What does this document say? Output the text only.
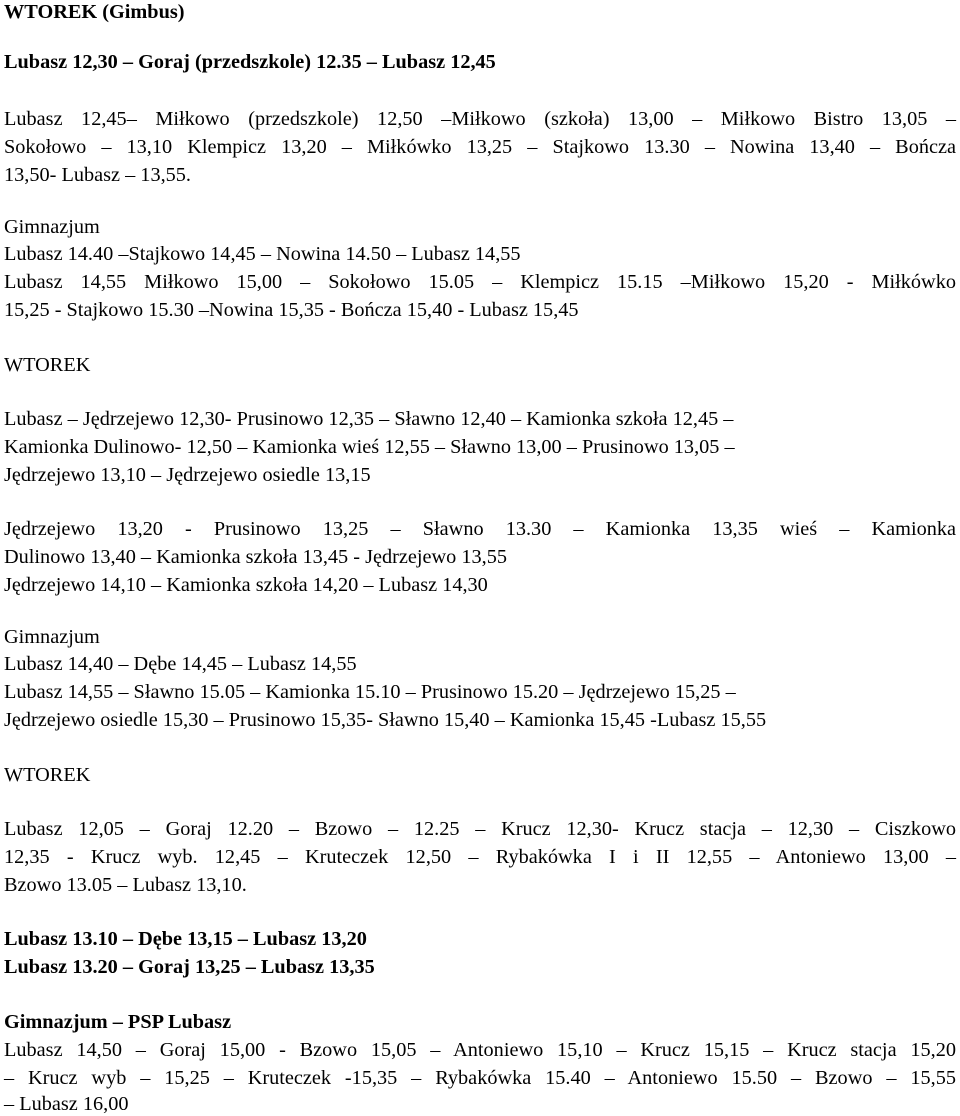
WTOREK (Gimbus)

Lubasz 12,30 – Goraj (przedszkole) 12.35 – Lubasz 12,45

Lubasz 12,45– Miłkowo (przedszkole) 12,50 –Miłkowo (szkoła) 13,00 – Miłkowo Bistro 13,05 –

Sokołowo – 13,10 Klempicz 13,20 – Miłkówko 13,25 – Stajkowo 13.30 – Nowina 13,40 – Bończa

13,50- Lubasz – 13,55.

Gimnazjum

Lubasz 14.40 –Stajkowo 14,45 – Nowina 14.50 – Lubasz 14,55

Lubasz 14,55 Miłkowo 15,00 – Sokołowo 15.05 – Klempicz 15.15 –Miłkowo 15,20 - Miłkówko

15,25 - Stajkowo 15.30 –Nowina 15,35 - Bończa 15,40 - Lubasz 15,45

WTOREK

Lubasz – Jędrzejewo 12,30- Prusinowo 12,35 – Sławno 12,40 – Kamionka szkoła 12,45 –

Kamionka Dulinowo- 12,50 – Kamionka wieś 12,55 – Sławno 13,00 – Prusinowo 13,05 –

Jędrzejewo 13,10 – Jędrzejewo osiedle 13,15

Jędrzejewo 13,20 - Prusinowo 13,25 – Sławno 13.30 – Kamionka 13,35 wieś – Kamionka

Dulinowo 13,40 – Kamionka szkoła 13,45 - Jędrzejewo 13,55

Jędrzejewo 14,10 – Kamionka szkoła 14,20 – Lubasz 14,30

Gimnazjum

Lubasz 14,40 – Dębe 14,45 – Lubasz 14,55

Lubasz 14,55 – Sławno 15.05 – Kamionka 15.10 – Prusinowo 15.20 – Jędrzejewo 15,25 –

Jędrzejewo osiedle 15,30 – Prusinowo 15,35- Sławno 15,40 – Kamionka 15,45 -Lubasz 15,55

WTOREK

Lubasz 12,05 – Goraj 12.20 – Bzowo – 12.25 – Krucz 12,30- Krucz stacja – 12,30 – Ciszkowo

12,35 - Krucz wyb. 12,45 – Kruteczek 12,50 – Rybakówka I i II 12,55 – Antoniewo 13,00 –

Bzowo 13.05 – Lubasz 13,10.

Lubasz 13.10 – Dębe 13,15 – Lubasz 13,20

Lubasz 13.20 – Goraj 13,25 – Lubasz 13,35

Gimnazjum – PSP Lubasz

Lubasz 14,50 – Goraj 15,00 - Bzowo 15,05 – Antoniewo 15,10 – Krucz 15,15 – Krucz stacja 15,20

– Krucz wyb – 15,25 – Kruteczek -15,35 – Rybakówka 15.40 – Antoniewo 15.50 – Bzowo – 15,55

– Lubasz 16,00
